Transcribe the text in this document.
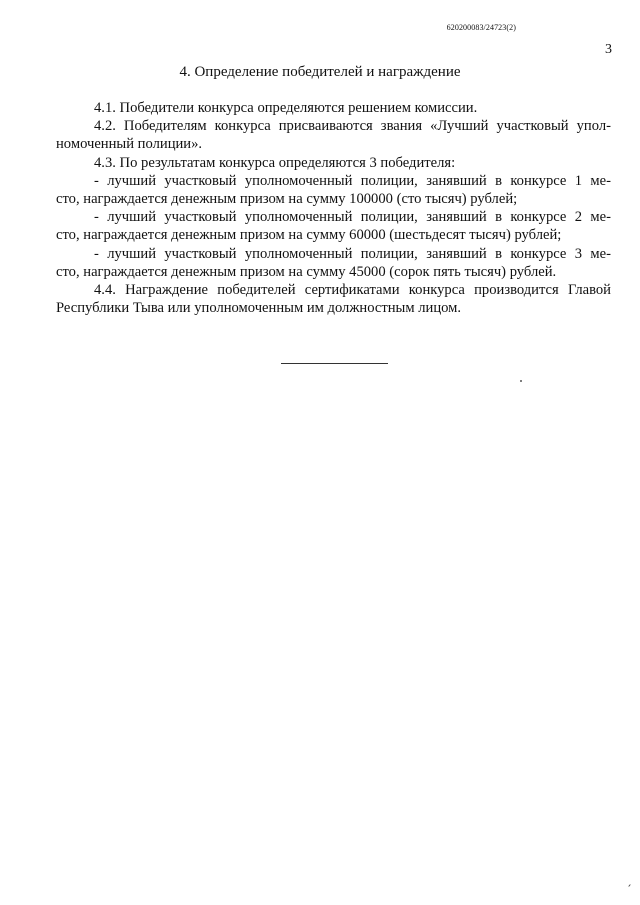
620200083/24723(2)
3
4. Определение победителей и награждение

4.1. Победители конкурса определяются решением комиссии.

4.2. Победителям конкурса присваиваются звания «Лучший участковый упол-

номоченный полиции».

4.3. По результатам конкурса определяются 3 победителя:

- лучший участковый уполномоченный полиции, занявший в конкурсе 1 ме-

сто, награждается денежным призом на сумму 100000 (сто тысяч) рублей;

- лучший участковый уполномоченный полиции, занявший в конкурсе 2 ме-

сто, награждается денежным призом на сумму 60000 (шестьдесят тысяч) рублей;

- лучший участковый уполномоченный полиции, занявший в конкурсе 3 ме-

сто, награждается денежным призом на сумму 45000 (сорок пять тысяч) рублей.

4.4. Награждение победителей сертификатами конкурса производится Главой

Республики Тыва или уполномоченным им должностным лицом.
